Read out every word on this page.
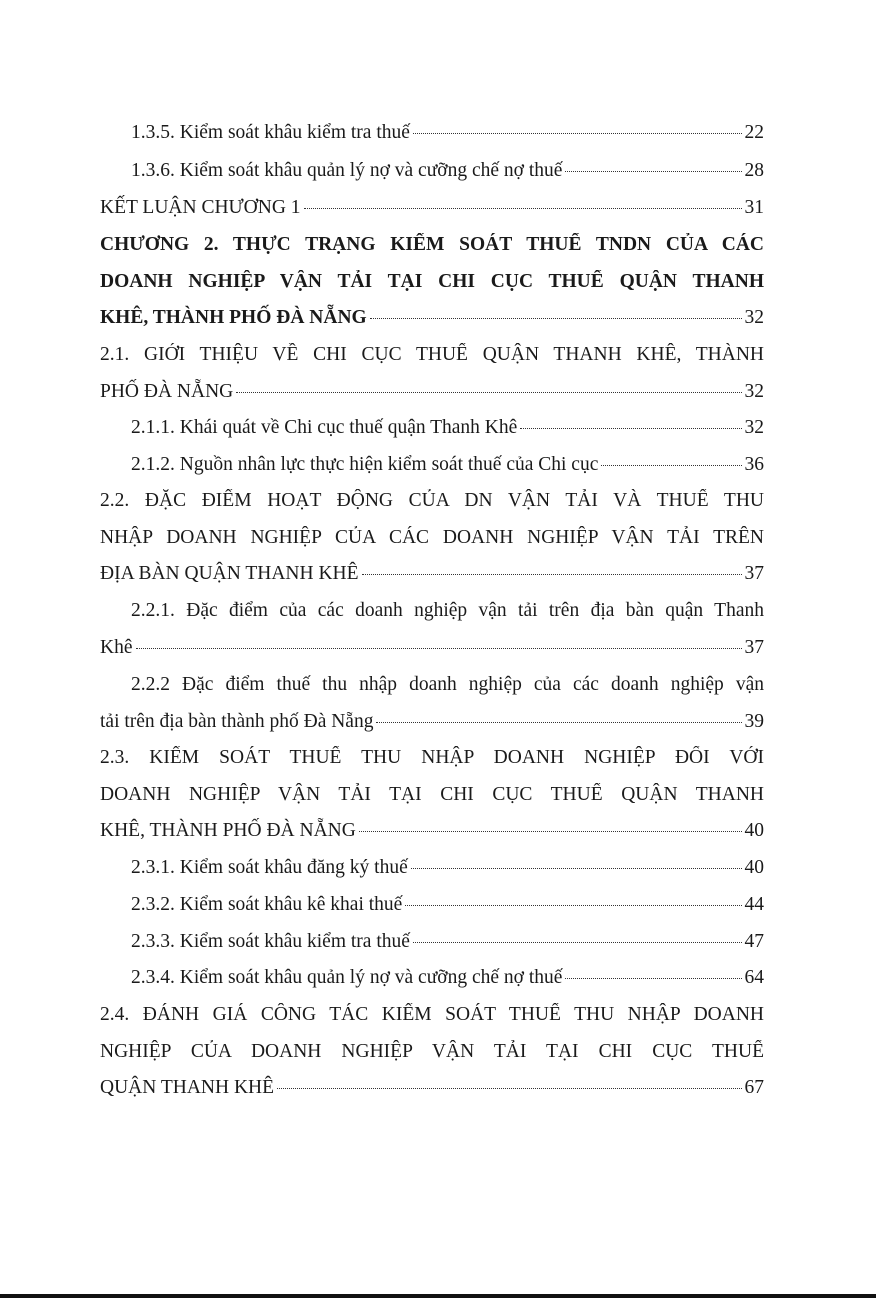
1.3.5. Kiểm soát khâu kiểm tra thuế	22
1.3.6. Kiểm soát khâu quản lý nợ và cưỡng chế nợ thuế	28
KẾT LUẬN CHƯƠNG 1	31
CHƯƠNG 2. THỰC TRẠNG KIỂM SOÁT THUẾ TNDN CỦA CÁC
DOANH NGHIỆP VẬN TẢI TẠI CHI CỤC THUẾ QUẬN THANH
KHÊ, THÀNH PHỐ ĐÀ NẴNG	32
2.1. GIỚI THIỆU VỀ CHI CỤC THUẾ QUẬN THANH KHÊ, THÀNH
PHỐ ĐÀ NẴNG	32
2.1.1. Khái quát về Chi cục thuế quận Thanh Khê	32
2.1.2. Nguồn nhân lực thực hiện kiểm soát thuế của Chi cục	36
2.2. ĐẶC ĐIỂM HOẠT ĐỘNG CỦA DN VẬN TẢI VÀ THUẾ THU
NHẬP DOANH NGHIỆP CỦA CÁC DOANH NGHIỆP VẬN TẢI TRÊN
ĐỊA BÀN QUẬN THANH KHÊ	37
2.2.1. Đặc điểm của các doanh nghiệp vận tải trên địa bàn quận Thanh
Khê	37
2.2.2 Đặc điểm thuế thu nhập doanh nghiệp của các doanh nghiệp vận
tải trên địa bàn thành phố Đà Nẵng	39
2.3. KIỂM SOÁT THUẾ THU NHẬP DOANH NGHIỆP ĐỐI VỚI
DOANH NGHIỆP VẬN TẢI TẠI CHI CỤC THUẾ QUẬN THANH
KHÊ, THÀNH PHỐ ĐÀ NẴNG	40
2.3.1. Kiểm soát khâu đăng ký thuế	40
2.3.2. Kiểm soát khâu kê khai thuế	44
2.3.3. Kiểm soát khâu kiểm tra thuế	47
2.3.4. Kiểm soát khâu quản lý nợ và cưỡng chế nợ thuế	64
2.4. ĐÁNH GIÁ CÔNG TÁC KIỂM SOÁT THUẾ THU NHẬP DOANH
NGHIỆP CỦA DOANH NGHIỆP VẬN TẢI TẠI CHI CỤC THUẾ
QUẬN THANH KHÊ	67
